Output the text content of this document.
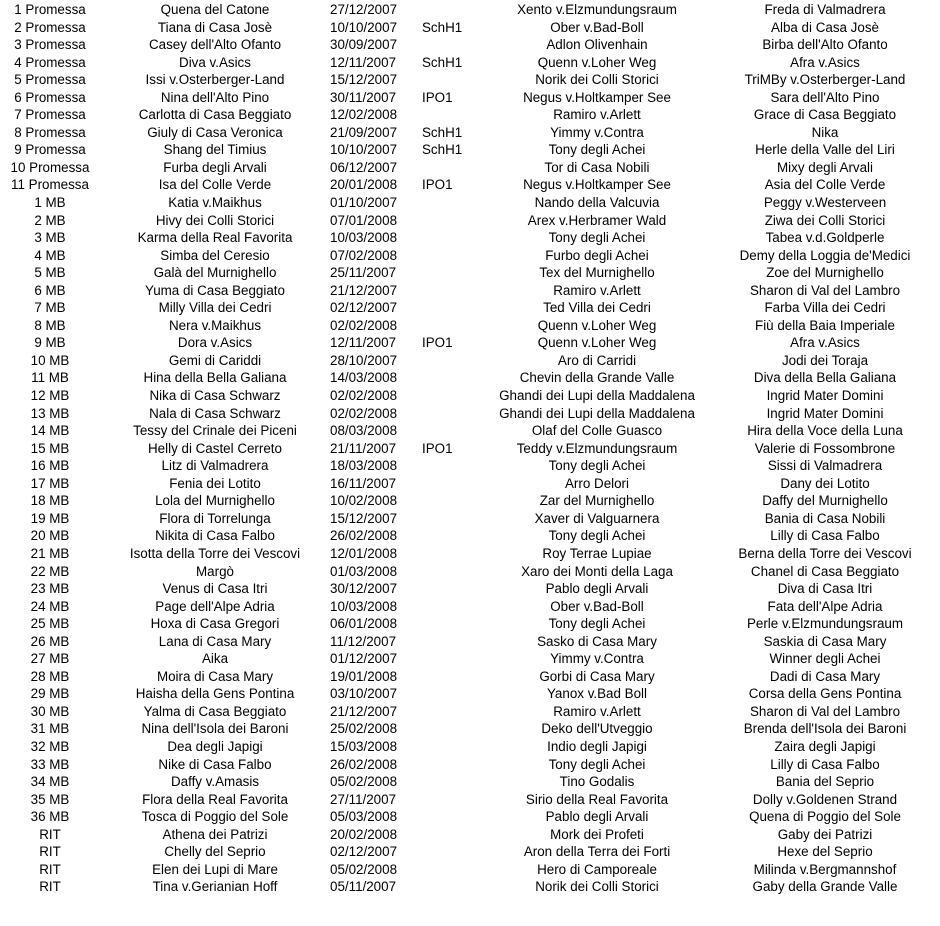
1 Promessa	Quena del Catone	27/12/2007		Xento v.Elzmundungsraum	Freda di Valmadrera
2 Promessa	Tiana di Casa Josè	10/10/2007	SchH1	Ober v.Bad-Boll	Alba di Casa Josè
3 Promessa	Casey dell'Alto Ofanto	30/09/2007		Adlon Olivenhain	Birba dell'Alto Ofanto
4 Promessa	Diva v.Asics	12/11/2007	SchH1	Quenn v.Loher Weg	Afra v.Asics
5 Promessa	Issi v.Osterberger-Land	15/12/2007		Norik dei Colli Storici	TriMBy v.Osterberger-Land
6 Promessa	Nina dell'Alto Pino	30/11/2007	IPO1	Negus v.Holtkamper See	Sara dell'Alto Pino
7 Promessa	Carlotta di Casa Beggiato	12/02/2008		Ramiro v.Arlett	Grace di Casa Beggiato
8 Promessa	Giuly di Casa Veronica	21/09/2007	SchH1	Yimmy v.Contra	Nika
9 Promessa	Shang del Timius	10/10/2007	SchH1	Tony degli Achei	Herle della Valle del Liri
10 Promessa	Furba degli Arvali	06/12/2007		Tor di Casa Nobili	Mixy degli Arvali
11 Promessa	Isa del Colle Verde	20/01/2008	IPO1	Negus v.Holtkamper See	Asia del Colle Verde
1 MB	Katia v.Maikhus	01/10/2007		Nando della Valcuvia	Peggy v.Westerveen
2 MB	Hivy dei Colli Storici	07/01/2008		Arex v.Herbramer Wald	Ziwa dei Colli Storici
3 MB	Karma della Real Favorita	10/03/2008		Tony degli Achei	Tabea v.d.Goldperle
4 MB	Simba del Ceresio	07/02/2008		Furbo degli Achei	Demy della Loggia de'Medici
5 MB	Galà del Murnighello	25/11/2007		Tex del Murnighello	Zoe del Murnighello
6 MB	Yuma di Casa Beggiato	21/12/2007		Ramiro v.Arlett	Sharon di Val del Lambro
7 MB	Milly Villa dei Cedri	02/12/2007		Ted Villa dei Cedri	Farba Villa dei Cedri
8 MB	Nera v.Maikhus	02/02/2008		Quenn v.Loher Weg	Fiù della Baia Imperiale
9 MB	Dora v.Asics	12/11/2007	IPO1	Quenn v.Loher Weg	Afra v.Asics
10 MB	Gemi di Cariddi	28/10/2007		Aro di Carridi	Jodi dei Toraja
11 MB	Hina della Bella Galiana	14/03/2008		Chevin della Grande Valle	Diva della Bella Galiana
12 MB	Nika di Casa Schwarz	02/02/2008		Ghandi dei Lupi della Maddalena	Ingrid Mater Domini
13 MB	Nala di Casa Schwarz	02/02/2008		Ghandi dei Lupi della Maddalena	Ingrid Mater Domini
14 MB	Tessy del Crinale dei Piceni	08/03/2008		Olaf del Colle Guasco	Hira della Voce della Luna
15 MB	Helly di Castel Cerreto	21/11/2007	IPO1	Teddy v.Elzmundungsraum	Valerie di Fossombrone
16 MB	Litz di Valmadrera	18/03/2008		Tony degli Achei	Sissi di Valmadrera
17 MB	Fenia dei Lotito	16/11/2007		Arro Delori	Dany dei Lotito
18 MB	Lola del Murnighello	10/02/2008		Zar del Murnighello	Daffy del Murnighello
19 MB	Flora di Torrelunga	15/12/2007		Xaver di Valguarnera	Bania di Casa Nobili
20 MB	Nikita di Casa Falbo	26/02/2008		Tony degli Achei	Lilly di Casa Falbo
21 MB	Isotta della Torre dei Vescovi	12/01/2008		Roy Terrae Lupiae	Berna della Torre dei Vescovi
22 MB	Margò	01/03/2008		Xaro dei Monti della Laga	Chanel di Casa Beggiato
23 MB	Venus di Casa Itri	30/12/2007		Pablo degli Arvali	Diva di Casa Itri
24 MB	Page dell'Alpe Adria	10/03/2008		Ober v.Bad-Boll	Fata dell'Alpe Adria
25 MB	Hoxa di Casa Gregori	06/01/2008		Tony degli Achei	Perle v.Elzmundungsraum
26 MB	Lana di Casa Mary	11/12/2007		Sasko di Casa Mary	Saskia di Casa Mary
27 MB	Aika	01/12/2007		Yimmy v.Contra	Winner degli Achei
28 MB	Moira di Casa Mary	19/01/2008		Gorbi di Casa Mary	Dadi di Casa Mary
29 MB	Haisha della Gens Pontina	03/10/2007		Yanox v.Bad Boll	Corsa della Gens Pontina
30 MB	Yalma di Casa Beggiato	21/12/2007		Ramiro v.Arlett	Sharon di Val del Lambro
31 MB	Nina dell'Isola dei Baroni	25/02/2008		Deko dell'Utveggio	Brenda dell'Isola dei Baroni
32 MB	Dea degli Japigi	15/03/2008		Indio degli Japigi	Zaira degli Japigi
33 MB	Nike di Casa Falbo	26/02/2008		Tony degli Achei	Lilly di Casa Falbo
34 MB	Daffy v.Amasis	05/02/2008		Tino Godalis	Bania del Seprio
35 MB	Flora della Real Favorita	27/11/2007		Sirio della Real Favorita	Dolly v.Goldenen Strand
36 MB	Tosca di Poggio del Sole	05/03/2008		Pablo degli Arvali	Quena di Poggio del Sole
RIT	Athena dei Patrizi	20/02/2008		Mork dei Profeti	Gaby dei Patrizi
RIT	Chelly del Seprio	02/12/2007		Aron della Terra dei Forti	Hexe del Seprio
RIT	Elen dei Lupi di Mare	05/02/2008		Hero di Camporeale	Milinda v.Bergmannshof
RIT	Tina v.Gerianian Hoff	05/11/2007		Norik dei Colli Storici	Gaby della Grande Valle
